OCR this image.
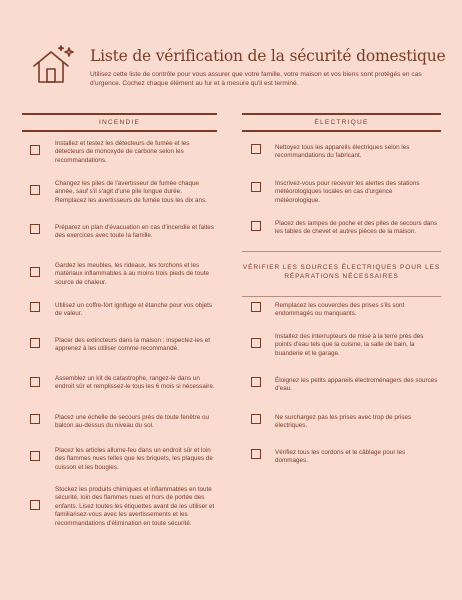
Liste de vérification de la sécurité domestique
Utilisez cette liste de contrôle pour vous assurer que votre famille, votre maison et vos biens sont protégés en cas d'urgence. Cochez chaque élément au fur et à mesure qu'il est terminé.
INCENDIE
Installez et testez les détecteurs de fumée et les détecteurs de monoxyde de carbone selon les recommandations.
Changez les piles de l'avertisseur de fumée chaque année, sauf s'il s'agit d'une pile longue durée. Remplacez les avertisseurs de fumée tous les dix ans.
Préparez un plan d'évacuation en cas d'incendie et faites des exercices avec toute la famille.
Gardez les meubles, les rideaux, les torchons et les matériaux inflammables à au moins trois pieds de toute source de chaleur.
Utilisez un coffre-fort ignifuge et étanche pour vos objets de valeur.
Placer des extincteurs dans la maison ; inspectez-les et apprenez à les utiliser comme recommandé.
Assemblez un kit de catastrophe, rangez-le dans un endroit sûr et remplissez-le tous les 6 mois si nécessaire.
Placez une échelle de secours près de toute fenêtre ou balcon au-dessus du niveau du sol.
Placez les articles allume-feu dans un endroit sûr et loin des flammes nues telles que les briquets, les plaques de cuisson et les bougies.
Stockez les produits chimiques et inflammables en toute sécurité, loin des flammes nues et hors de portée des enfants. Lisez toutes les étiquettes avant de les utiliser et familiarisez-vous avec les avertissements et les recommandations d'élimination en toute sécurité.
ÉLECTRIQUE
Nettoyez tous les appareils électriques selon les recommandations du fabricant.
Inscrivez-vous pour recevoir les alertes des stations météorologiques locales en cas d'urgence météorologique.
Placez des lampes de poche et des piles de secours dans les tables de chevet et autres pièces de la maison.
VÉRIFIER LES SOURCES ÉLECTRIQUES POUR LES RÉPARATIONS NÉCESSAIRES
Remplacez les couvercles des prises s'ils sont endommagés ou manquants.
Installez des interrupteurs de mise à la terre près des points d'eau tels que la cuisine, la salle de bain, la buanderie et le garage.
Éloignez les petits appareils électroménagers des sources d'eau.
Ne surchargez pas les prises avec trop de prises électriques.
Vérifiez tous les cordons et le câblage pour les dommages.
